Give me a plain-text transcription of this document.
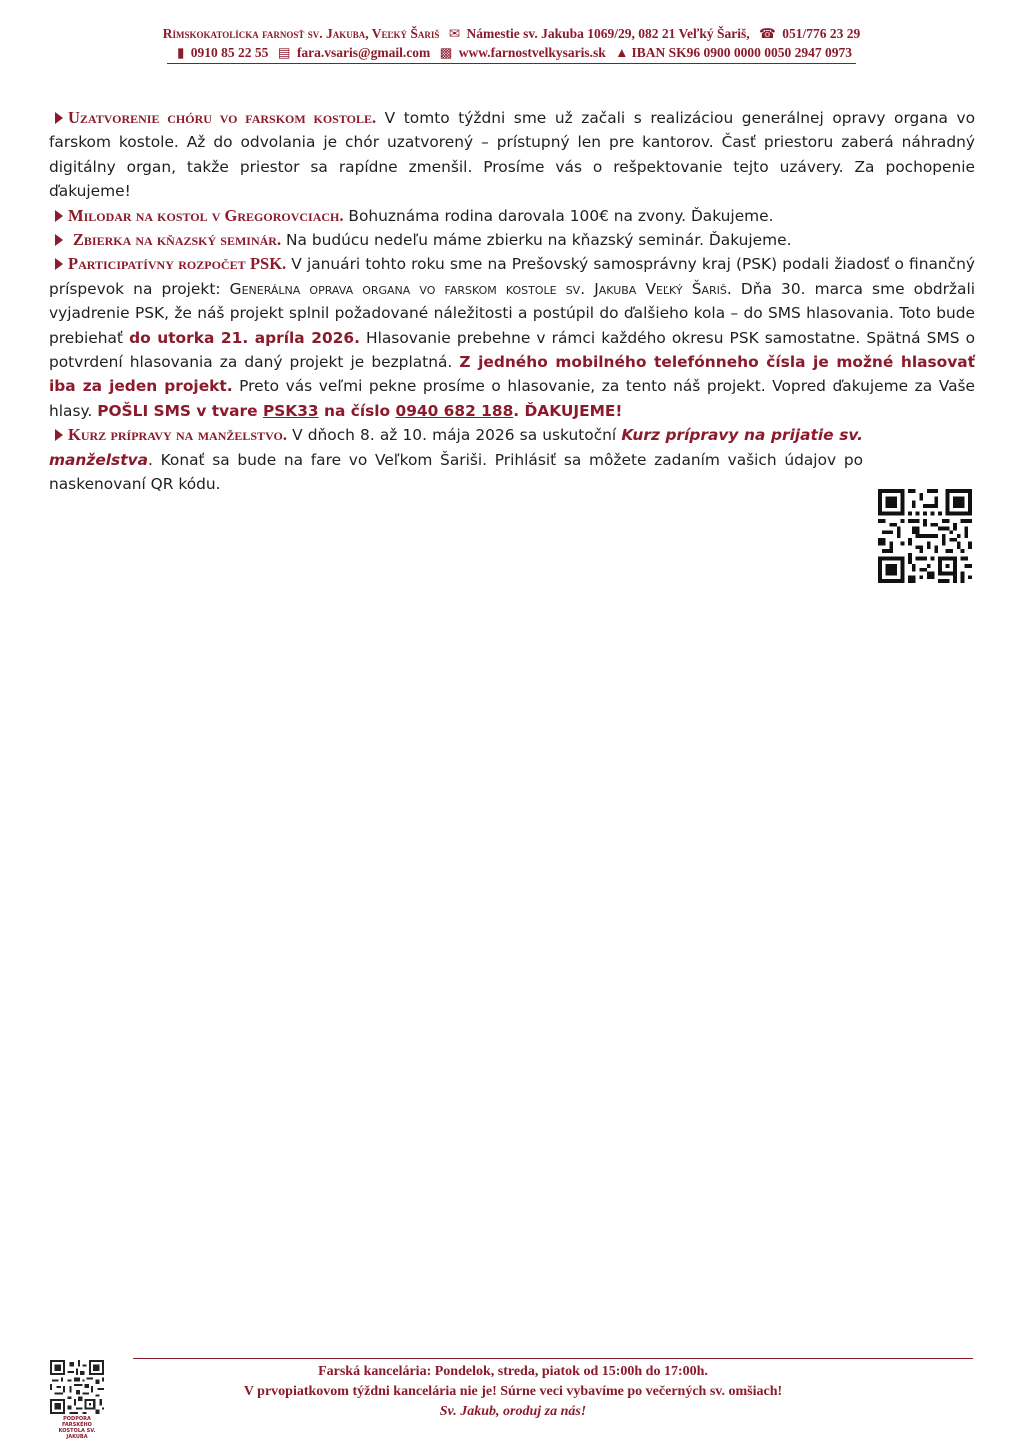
Rímskokatolícka farnosť sv. Jakuba, Veľký Šariš ✉ Námestie sv. Jakuba 1069/29, 082 21 Veľký Šariš, ☎ 051/776 23 29
▮ 0910 85 22 55 ▤ fara.vsaris@gmail.com ▩ www.farnostvelkysaris.sk ▲ IBAN SK96 0900 0000 0050 2947 0973

Uzatvorenie chóru vo farskom kostole. V tomto týždni sme už začali s realizáciou generálnej opravy organa vo farskom kostole. Až do odvolania je chór uzatvorený – prístupný len pre kantorov. Časť priestoru zaberá náhradný digitálny organ, takže priestor sa rapídne zmenšil. Prosíme vás o rešpektovanie tejto uzávery. Za pochopenie ďakujeme!

Milodar na kostol v Gregorovciach. Bohuznáma rodina darovala 100€ na zvony. Ďakujeme.

Zbierka na kňazský seminár. Na budúcu nedeľu máme zbierku na kňazský seminár. Ďakujeme.

Participatívny rozpočet PSK. V januári tohto roku sme na Prešovský samosprávny kraj (PSK) podali žiadosť o finančný príspevok na projekt: Generálna oprava organa vo farskom kostole sv. Jakuba Veľký Šariš. Dňa 30. marca sme obdržali vyjadrenie PSK, že náš projekt splnil požadované náležitosti a postúpil do ďalšieho kola – do SMS hlasovania. Toto bude prebiehať do utorka 21. apríla 2026. Hlasovanie prebehne v rámci každého okresu PSK samostatne. Spätná SMS o potvrdení hlasovania za daný projekt je bezplatná. Z jedného mobilného telefónneho čísla je možné hlasovať iba za jeden projekt. Preto vás veľmi pekne prosíme o hlasovanie, za tento náš projekt. Vopred ďakujeme za Vaše hlasy. POŠLI SMS v tvare PSK33 na číslo 0940 682 188. ĎAKUJEME!

Kurz prípravy na manželstvo. V dňoch 8. až 10. mája 2026 sa uskutoční Kurz prípravy na prijatie sv. manželstva. Konať sa bude na fare vo Veľkom Šariši. Prihlásiť sa môžete zadaním vašich údajov po naskenovaní QR kódu.

PODPORA FARSKÉHO KOSTOLA SV. JAKUBA
Farská kancelária: Pondelok, streda, piatok od 15:00h do 17:00h.
V prvopiatkovom týždni kancelária nie je! Súrne veci vybavíme po večerných sv. omšiach!
Sv. Jakub, oroduj za nás!
